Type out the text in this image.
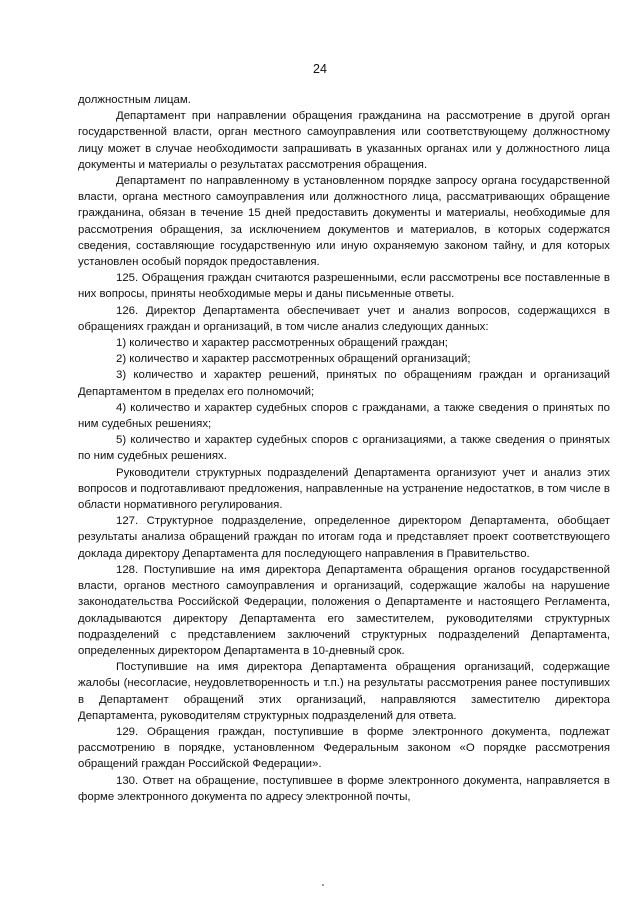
24

должностным лицам.

Департамент при направлении обращения гражданина на рассмотрение в другой орган государственной власти, орган местного самоуправления или соответствующему должностному лицу может в случае необходимости запрашивать в указанных органах или у должностного лица документы и материалы о результатах рассмотрения обращения.

Департамент по направленному в установленном порядке запросу органа государственной власти, органа местного самоуправления или должностного лица, рассматривающих обращение гражданина, обязан в течение 15 дней предоставить документы и материалы, необходимые для рассмотрения обращения, за исключением документов и материалов, в которых содержатся сведения, составляющие государственную или иную охраняемую законом тайну, и для которых установлен особый порядок предоставления.

125. Обращения граждан считаются разрешенными, если рассмотрены все поставленные в них вопросы, приняты необходимые меры и даны письменные ответы.

126. Директор Департамента обеспечивает учет и анализ вопросов, содержащихся в обращениях граждан и организаций, в том числе анализ следующих данных:

1) количество и характер рассмотренных обращений граждан;

2) количество и характер рассмотренных обращений организаций;

3) количество и характер решений, принятых по обращениям граждан и организаций Департаментом в пределах его полномочий;

4) количество и характер судебных споров с гражданами, а также сведения о принятых по ним судебных решениях;

5) количество и характер судебных споров с организациями, а также сведения о принятых по ним судебных решениях.

Руководители структурных подразделений Департамента организуют учет и анализ этих вопросов и подготавливают предложения, направленные на устранение недостатков, в том числе в области нормативного регулирования.

127. Структурное подразделение, определенное директором Департамента, обобщает результаты анализа обращений граждан по итогам года и представляет проект соответствующего доклада директору Департамента для последующего направления в Правительство.

128. Поступившие на имя директора Департамента обращения органов государственной власти, органов местного самоуправления и организаций, содержащие жалобы на нарушение законодательства Российской Федерации, положения о Департаменте и настоящего Регламента, докладываются директору Департамента его заместителем, руководителями структурных подразделений с представлением заключений структурных подразделений Департамента, определенных директором Департамента в 10-дневный срок.

Поступившие на имя директора Департамента обращения организаций, содержащие жалобы (несогласие, неудовлетворенность и т.п.) на результаты рассмотрения ранее поступивших в Департамент обращений этих организаций, направляются заместителю директора Департамента, руководителям структурных подразделений для ответа.

129. Обращения граждан, поступившие в форме электронного документа, подлежат рассмотрению в порядке, установленном Федеральным законом «О порядке рассмотрения обращений граждан Российской Федерации».

130. Ответ на обращение, поступившее в форме электронного документа, направляется в форме электронного документа по адресу электронной почты,
